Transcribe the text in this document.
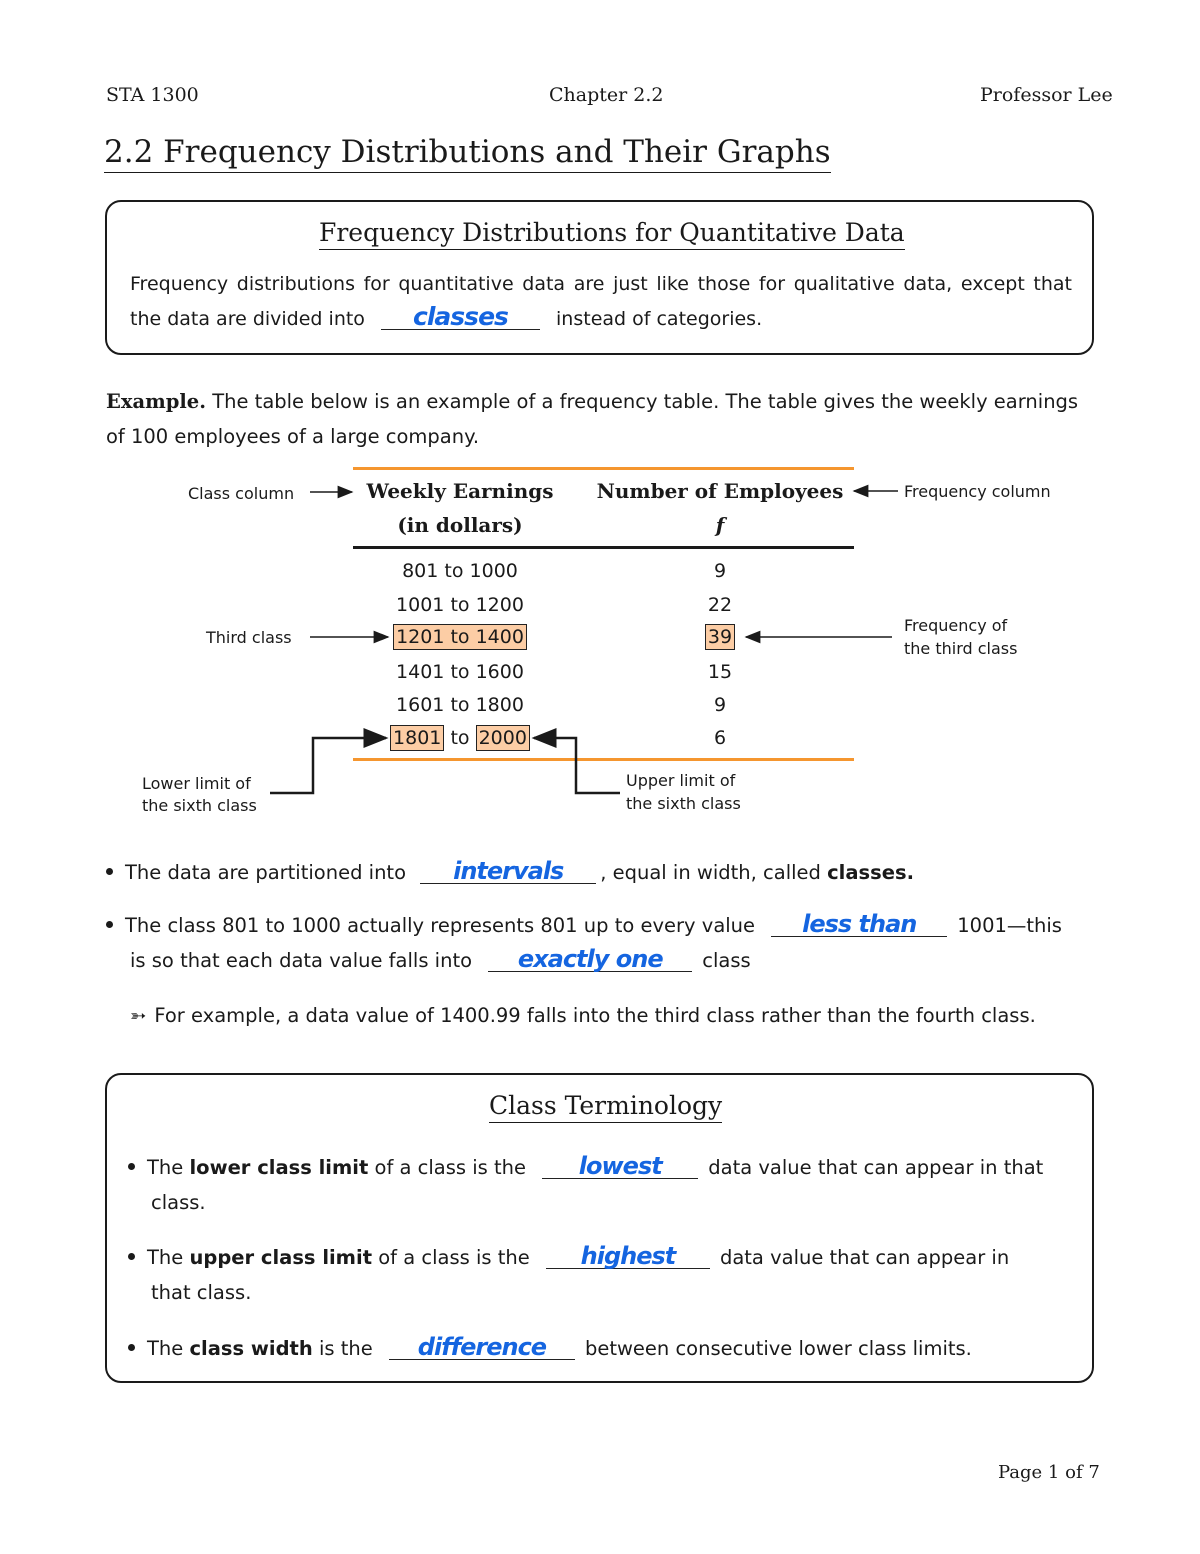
STA 1300	Chapter 2.2	Professor Lee
2.2 Frequency Distributions and Their Graphs
Frequency Distributions for Quantitative Data
Frequency distributions for quantitative data are just like those for qualitative data, except that the data are divided into classes	instead of categories.
Example. The table below is an example of a frequency table. The table gives the weekly earnings of 100 employees of a large company.
Weekly Earnings
(in dollars)
Number of Employees
f
801 to 1000	9
1001 to 1200	22
1201 to 1400	39
1401 to 1600	15
1601 to 1800	9
1801 to 2000	6
Class column	Frequency column
Third class
Frequency of
the third class
Lower limit of
the sixth class
Upper limit of
the sixth class
The data are partitioned into intervals , equal in width, called classes.
The class 801 to 1000 actually represents 801 up to every value less than 1001—this
is so that each data value falls into exactly one class
➳ For example, a data value of 1400.99 falls into the third class rather than the fourth class.
Class Terminology
The lower class limit of a class is the lowest data value that can appear in that
class.
The upper class limit of a class is the highest data value that can appear in
that class.
The class width is the difference between consecutive lower class limits.
Page 1 of 7
